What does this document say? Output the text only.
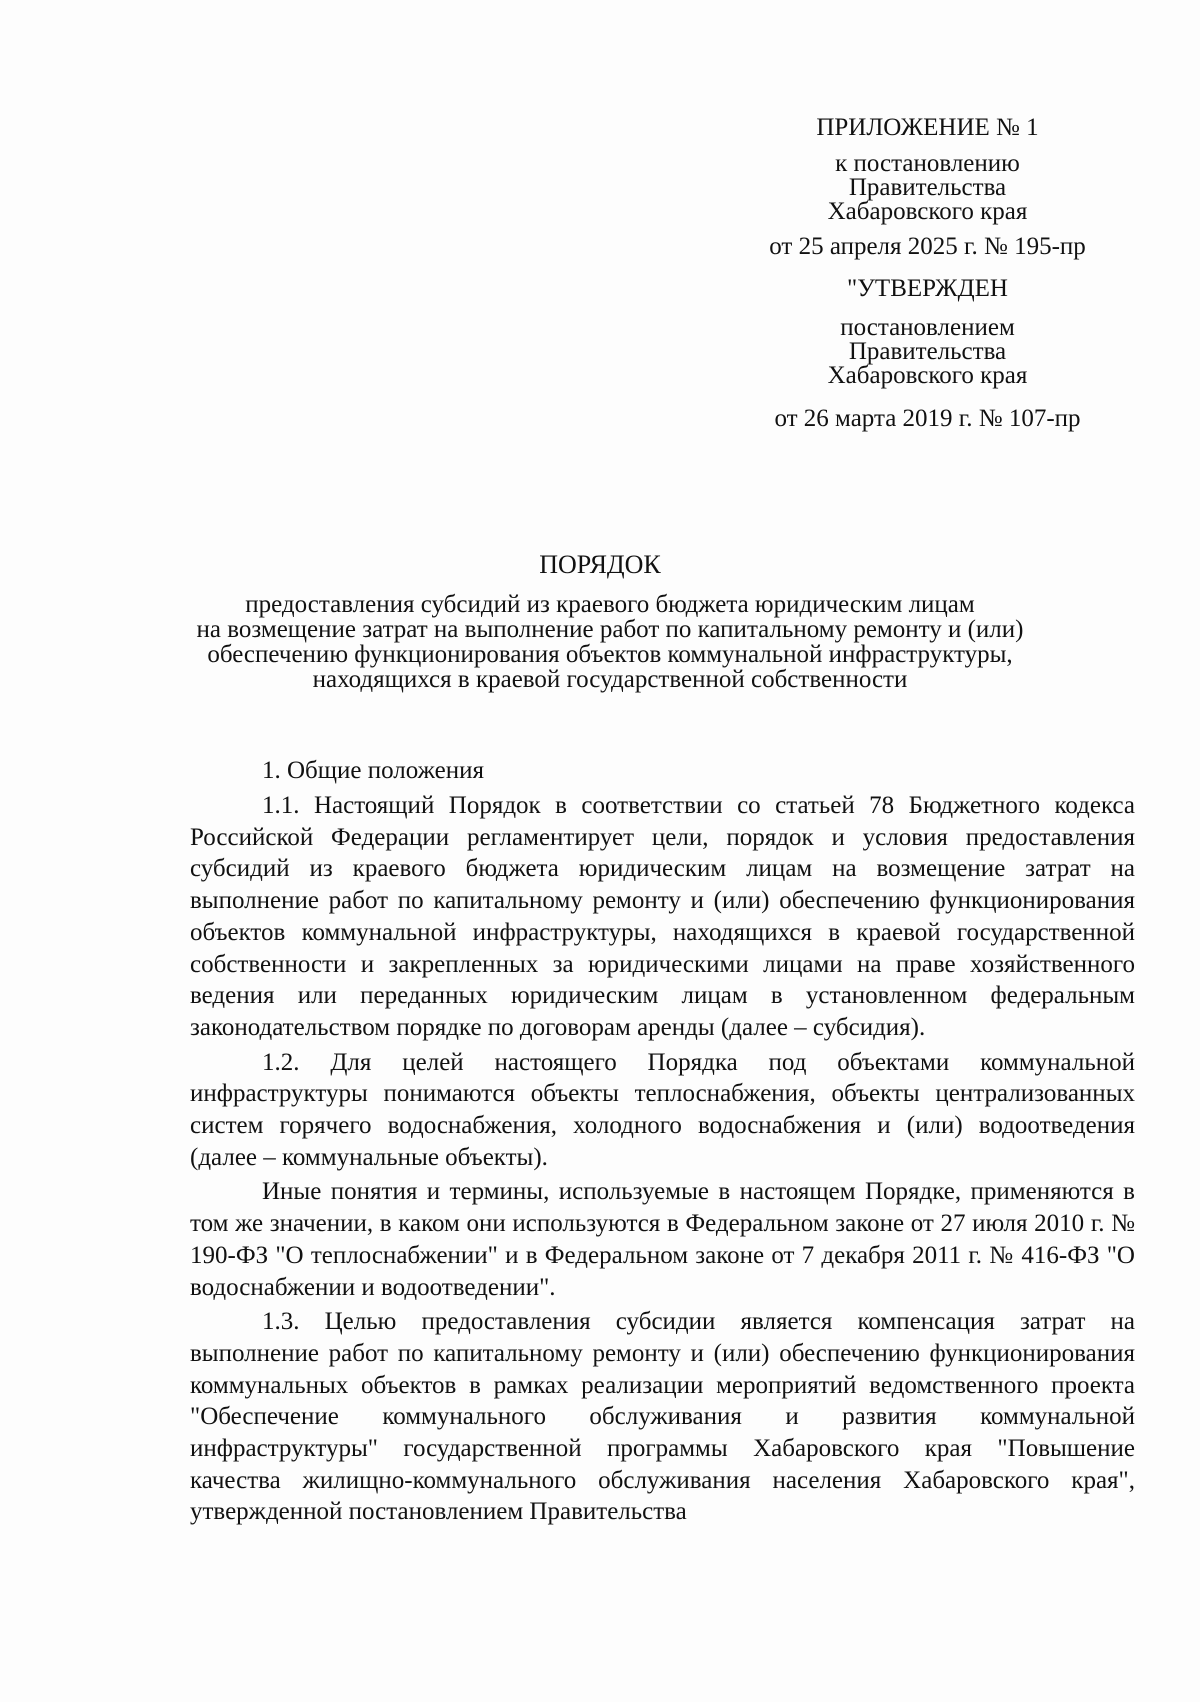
ПРИЛОЖЕНИЕ № 1

к постановлению
Правительства
Хабаровского края

от 25 апреля 2025 г. № 195-пр

"УТВЕРЖДЕН

постановлением
Правительства
Хабаровского края

от 26 марта 2019 г. № 107-пр

ПОРЯДОК
предоставления субсидий из краевого бюджета юридическим лицам
на возмещение затрат на выполнение работ по капитальному ремонту и (или)
обеспечению функционирования объектов коммунальной инфраструктуры,
находящихся в краевой государственной собственности

1. Общие положения

1.1. Настоящий Порядок в соответствии со статьей 78 Бюджетного кодекса Российской Федерации регламентирует цели, порядок и условия предоставления субсидий из краевого бюджета юридическим лицам на возмещение затрат на выполнение работ по капитальному ремонту и (или) обеспечению функционирования объектов коммунальной инфраструктуры, находящихся в краевой государственной собственности и закрепленных за юридическими лицами на праве хозяйственного ведения или переданных юридическим лицам в установленном федеральным законодательством порядке по договорам аренды (далее – субсидия).

1.2. Для целей настоящего Порядка под объектами коммунальной инфраструктуры понимаются объекты теплоснабжения, объекты централизованных систем горячего водоснабжения, холодного водоснабжения и (или) водоотведения (далее – коммунальные объекты).

Иные понятия и термины, используемые в настоящем Порядке, применяются в том же значении, в каком они используются в Федеральном законе от 27 июля 2010 г. № 190-ФЗ "О теплоснабжении" и в Федеральном законе от 7 декабря 2011 г. № 416-ФЗ "О водоснабжении и водоотведении".

1.3. Целью предоставления субсидии является компенсация затрат на выполнение работ по капитальному ремонту и (или) обеспечению функционирования коммунальных объектов в рамках реализации мероприятий ведомственного проекта "Обеспечение коммунального обслуживания и развития коммунальной инфраструктуры" государственной программы Хабаровского края "Повышение качества жилищно-коммунального обслуживания населения Хабаровского края", утвержденной постановлением Правительства
